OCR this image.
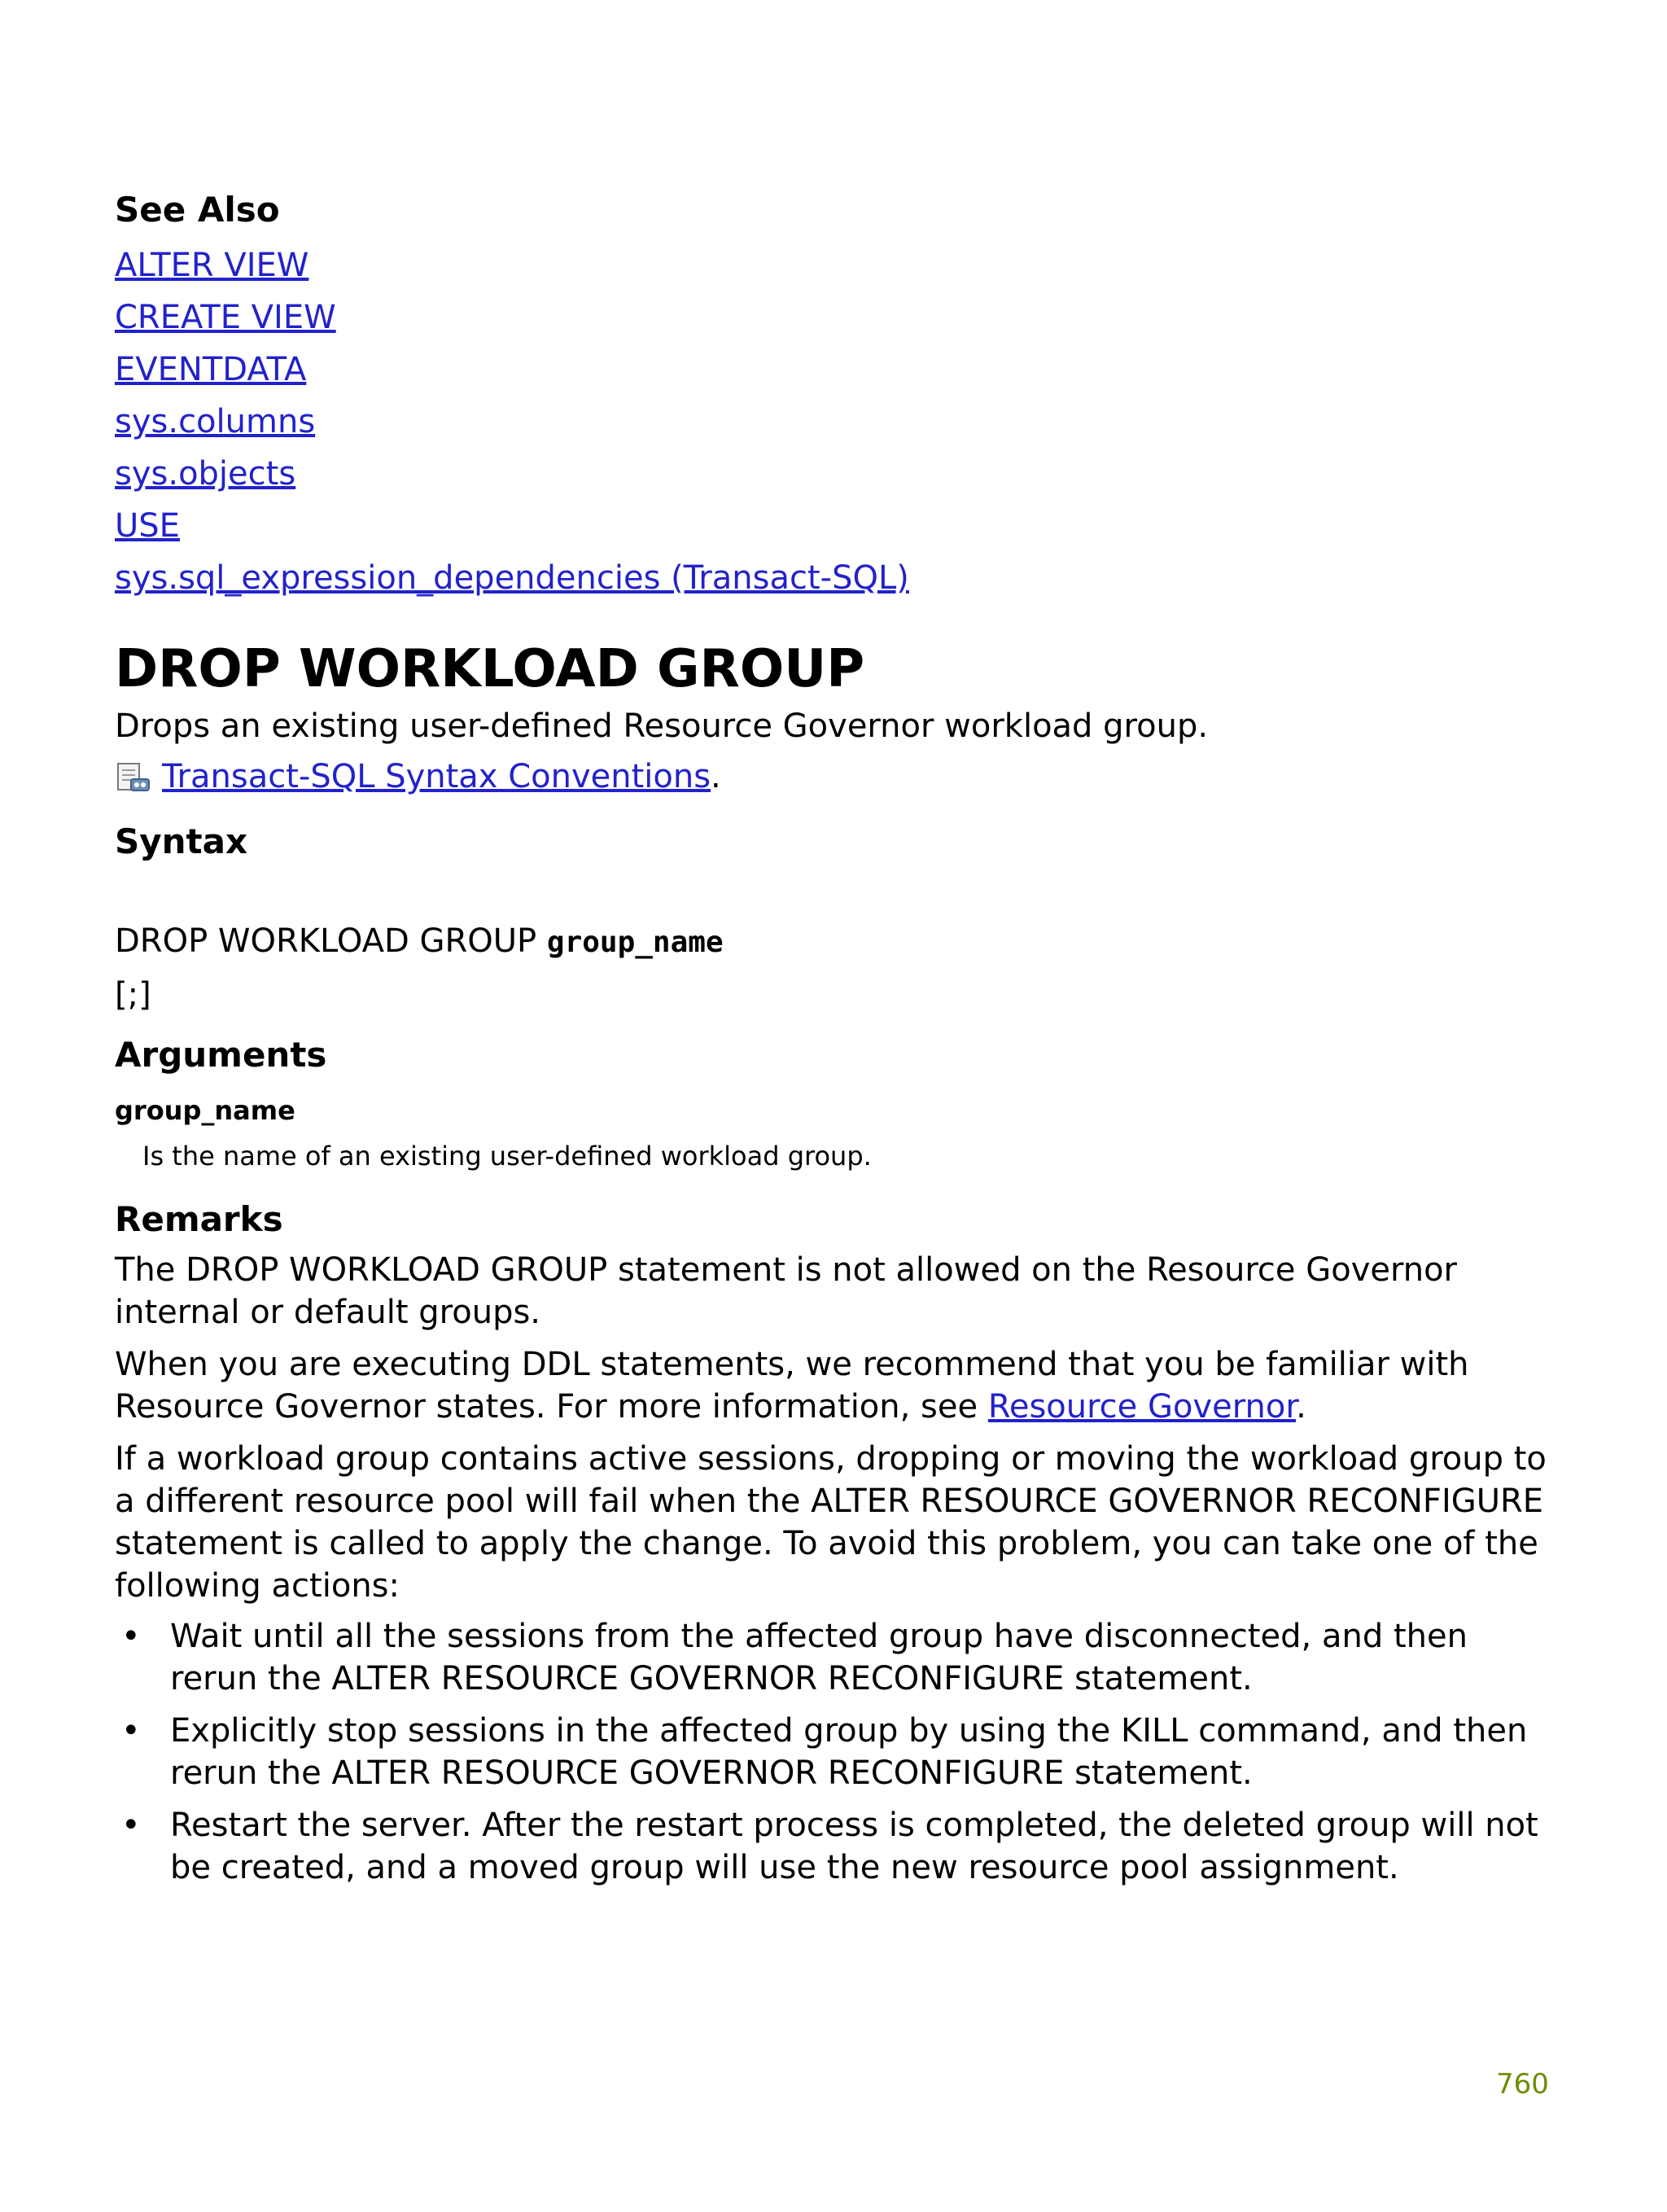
See Also
ALTER VIEW
CREATE VIEW
EVENTDATA
sys.columns
sys.objects
USE
sys.sql_expression_dependencies (Transact-SQL)
DROP WORKLOAD GROUP

Drops an existing user-defined Resource Governor workload group.

Transact-SQL Syntax Conventions .
Syntax
DROP WORKLOAD GROUP group_name
[;]
Arguments
group_name
Is the name of an existing user-defined workload group.
Remarks

The DROP WORKLOAD GROUP statement is not allowed on the Resource Governor internal or default groups.

When you are executing DDL statements, we recommend that you be familiar with Resource Governor states. For more information, see Resource Governor.

If a workload group contains active sessions, dropping or moving the workload group to a different resource pool will fail when the ALTER RESOURCE GOVERNOR RECONFIGURE statement is called to apply the change. To avoid this problem, you can take one of the following actions:

• Wait until all the sessions from the affected group have disconnected, and then rerun the ALTER RESOURCE GOVERNOR RECONFIGURE statement.
• Explicitly stop sessions in the affected group by using the KILL command, and then rerun the ALTER RESOURCE GOVERNOR RECONFIGURE statement.
• Restart the server. After the restart process is completed, the deleted group will not be created, and a moved group will use the new resource pool assignment.
760
